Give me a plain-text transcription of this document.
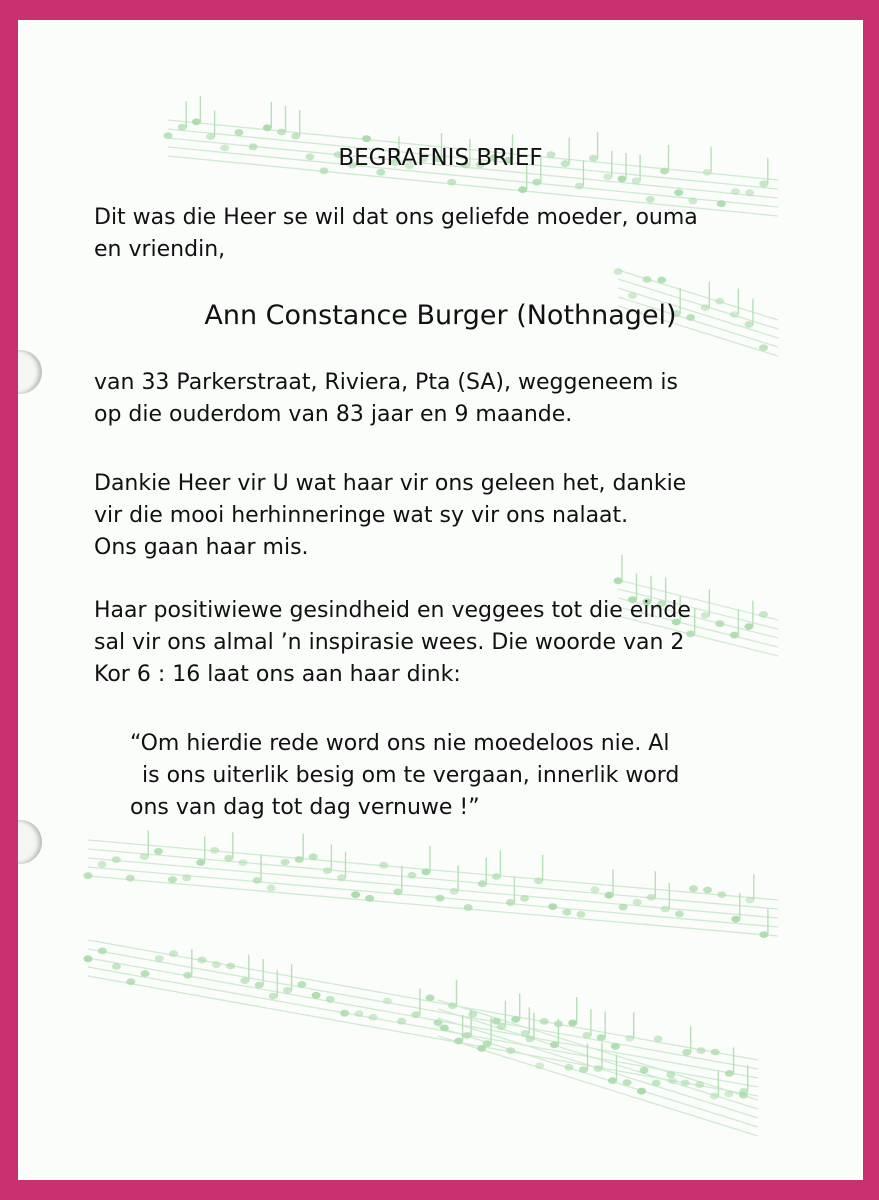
BEGRAFNIS BRIEF

Dit was die Heer se wil dat ons geliefde moeder, ouma
en vriendin,

Ann Constance Burger (Nothnagel)

van 33 Parkerstraat, Riviera, Pta (SA), weggeneem is
op die ouderdom van 83 jaar en 9 maande.

Dankie Heer vir U wat haar vir ons geleen het, dankie
vir die mooi herhinneringe wat sy vir ons nalaat.
Ons gaan haar mis.

Haar positiwiewe gesindheid en veggees tot die einde
sal vir ons almal ’n inspirasie wees. Die woorde van 2
Kor 6 : 16 laat ons aan haar dink:

“Om hierdie rede word ons nie moedeloos nie. Al
is ons uiterlik besig om te vergaan, innerlik word
ons van dag tot dag vernuwe !”
